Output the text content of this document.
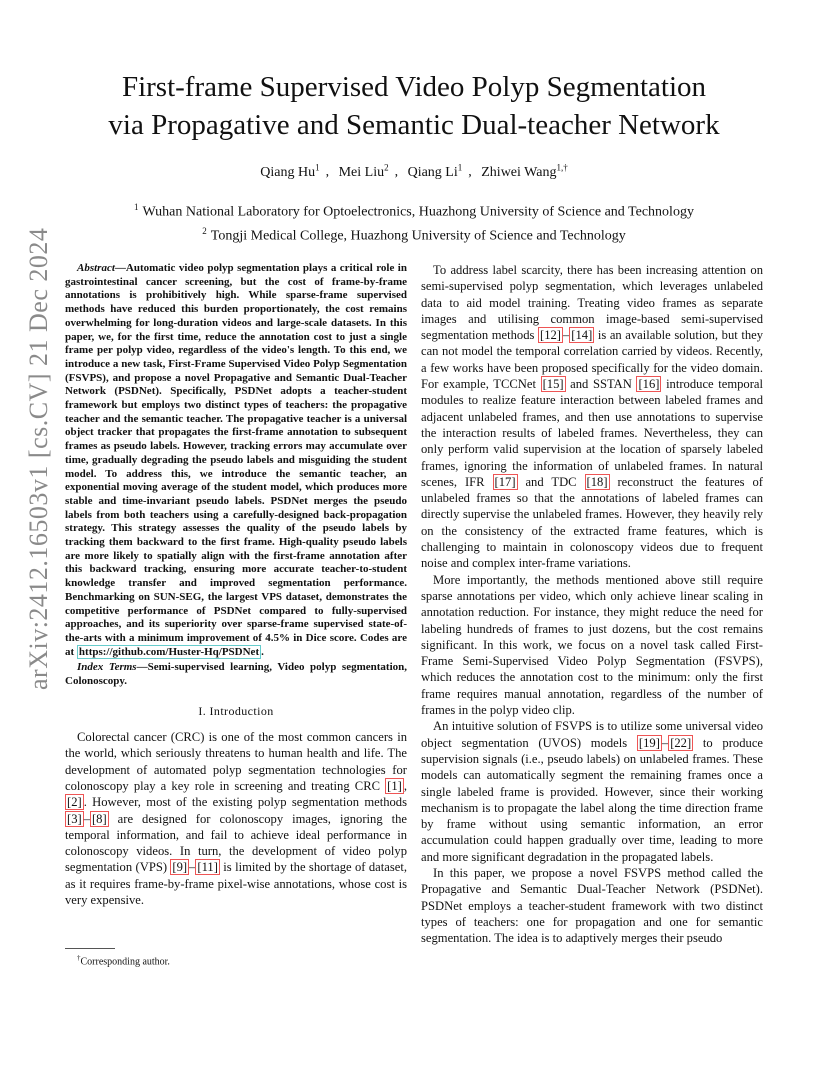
arXiv:2412.16503v1 [cs.CV] 21 Dec 2024
First-frame Supervised Video Polyp Segmentation
via Propagative and Semantic Dual-teacher Network
Qiang Hu$^1$ , Mei Liu$^2$ , Qiang Li$^1$ , Zhiwei Wang$^{1,\dagger}$
$^1$ Wuhan National Laboratory for Optoelectronics, Huazhong University of Science and Technology
$^2$ Tongji Medical College, Huazhong University of Science and Technology

Abstract—Automatic video polyp segmentation plays a critical role in gastrointestinal cancer screening, but the cost of frame-by-frame annotations is prohibitively high. While sparse-frame supervised methods have reduced this burden proportionately, the cost remains overwhelming for long-duration videos and large-scale datasets. In this paper, we, for the first time, reduce the annotation cost to just a single frame per polyp video, regardless of the video's length. To this end, we introduce a new task, First-Frame Supervised Video Polyp Segmentation (FSVPS), and propose a novel Propagative and Semantic Dual-Teacher Network (PSDNet). Specifically, PSDNet adopts a teacher-student framework but employs two distinct types of teachers: the propagative teacher and the semantic teacher. The propagative teacher is a universal object tracker that propagates the first-frame annotation to subsequent frames as pseudo labels. However, tracking errors may accumulate over time, gradually degrading the pseudo labels and misguiding the student model. To address this, we introduce the semantic teacher, an exponential moving average of the student model, which produces more stable and time-invariant pseudo labels. PSDNet merges the pseudo labels from both teachers using a carefully-designed back-propagation strategy. This strategy assesses the quality of the pseudo labels by tracking them backward to the first frame. High-quality pseudo labels are more likely to spatially align with the first-frame annotation after this backward tracking, ensuring more accurate teacher-to-student knowledge transfer and improved segmentation performance. Benchmarking on SUN-SEG, the largest VPS dataset, demonstrates the competitive performance of PSDNet compared to fully-supervised approaches, and its superiority over sparse-frame supervised state-of-the-arts with a minimum improvement of 4.5% in Dice score. Codes are at https://github.com/Huster-Hq/PSDNet .

Index Terms—Semi-supervised learning, Video polyp segmentation, Colonoscopy.

I. Introduction

Colorectal cancer (CRC) is one of the most common cancers in the world, which seriously threatens to human health and life. The development of automated polyp segmentation technologies for colonoscopy play a key role in screening and treating CRC [1] , [2] . However, most of the existing polyp segmentation methods [3] – [8] are designed for colonoscopy images, ignoring the temporal information, and fail to achieve ideal performance in colonoscopy videos. In turn, the development of video polyp segmentation (VPS) [9] – [11] is limited by the shortage of dataset, as it requires frame-by-frame pixel-wise annotations, whose cost is very expensive.

†Corresponding author.

To address label scarcity, there has been increasing attention on semi-supervised polyp segmentation, which leverages unlabeled data to aid model training. Treating video frames as separate images and utilising common image-based semi-supervised segmentation methods [12] – [14] is an available solution, but they can not model the temporal correlation carried by videos. Recently, a few works have been proposed specifically for the video domain. For example, TCCNet [15] and SSTAN [16] introduce temporal modules to realize feature interaction between labeled frames and adjacent unlabeled frames, and then use annotations to supervise the interaction results of labeled frames. Nevertheless, they can only perform valid supervision at the location of sparsely labeled frames, ignoring the information of unlabeled frames. In natural scenes, IFR [17] and TDC [18] reconstruct the features of unlabeled frames so that the annotations of labeled frames can directly supervise the unlabeled frames. However, they heavily rely on the consistency of the extracted frame features, which is challenging to maintain in colonoscopy videos due to frequent noise and complex inter-frame variations.

More importantly, the methods mentioned above still require sparse annotations per video, which only achieve linear scaling in annotation reduction. For instance, they might reduce the need for labeling hundreds of frames to just dozens, but the cost remains significant. In this work, we focus on a novel task called First-Frame Semi-Supervised Video Polyp Segmentation (FSVPS), which reduces the annotation cost to the minimum: only the first frame requires manual annotation, regardless of the number of frames in the polyp video clip.

An intuitive solution of FSVPS is to utilize some universal video object segmentation (UVOS) models [19] – [22] to produce supervision signals (i.e., pseudo labels) on unlabeled frames. These models can automatically segment the remaining frames once a single labeled frame is provided. However, since their working mechanism is to propagate the label along the time direction frame by frame without using semantic information, an error accumulation could happen gradually over time, leading to more and more significant degradation in the propagated labels.

In this paper, we propose a novel FSVPS method called the Propagative and Semantic Dual-Teacher Network (PSDNet). PSDNet employs a teacher-student framework with two distinct types of teachers: one for propagation and one for semantic segmentation. The idea is to adaptively merges their pseudo
